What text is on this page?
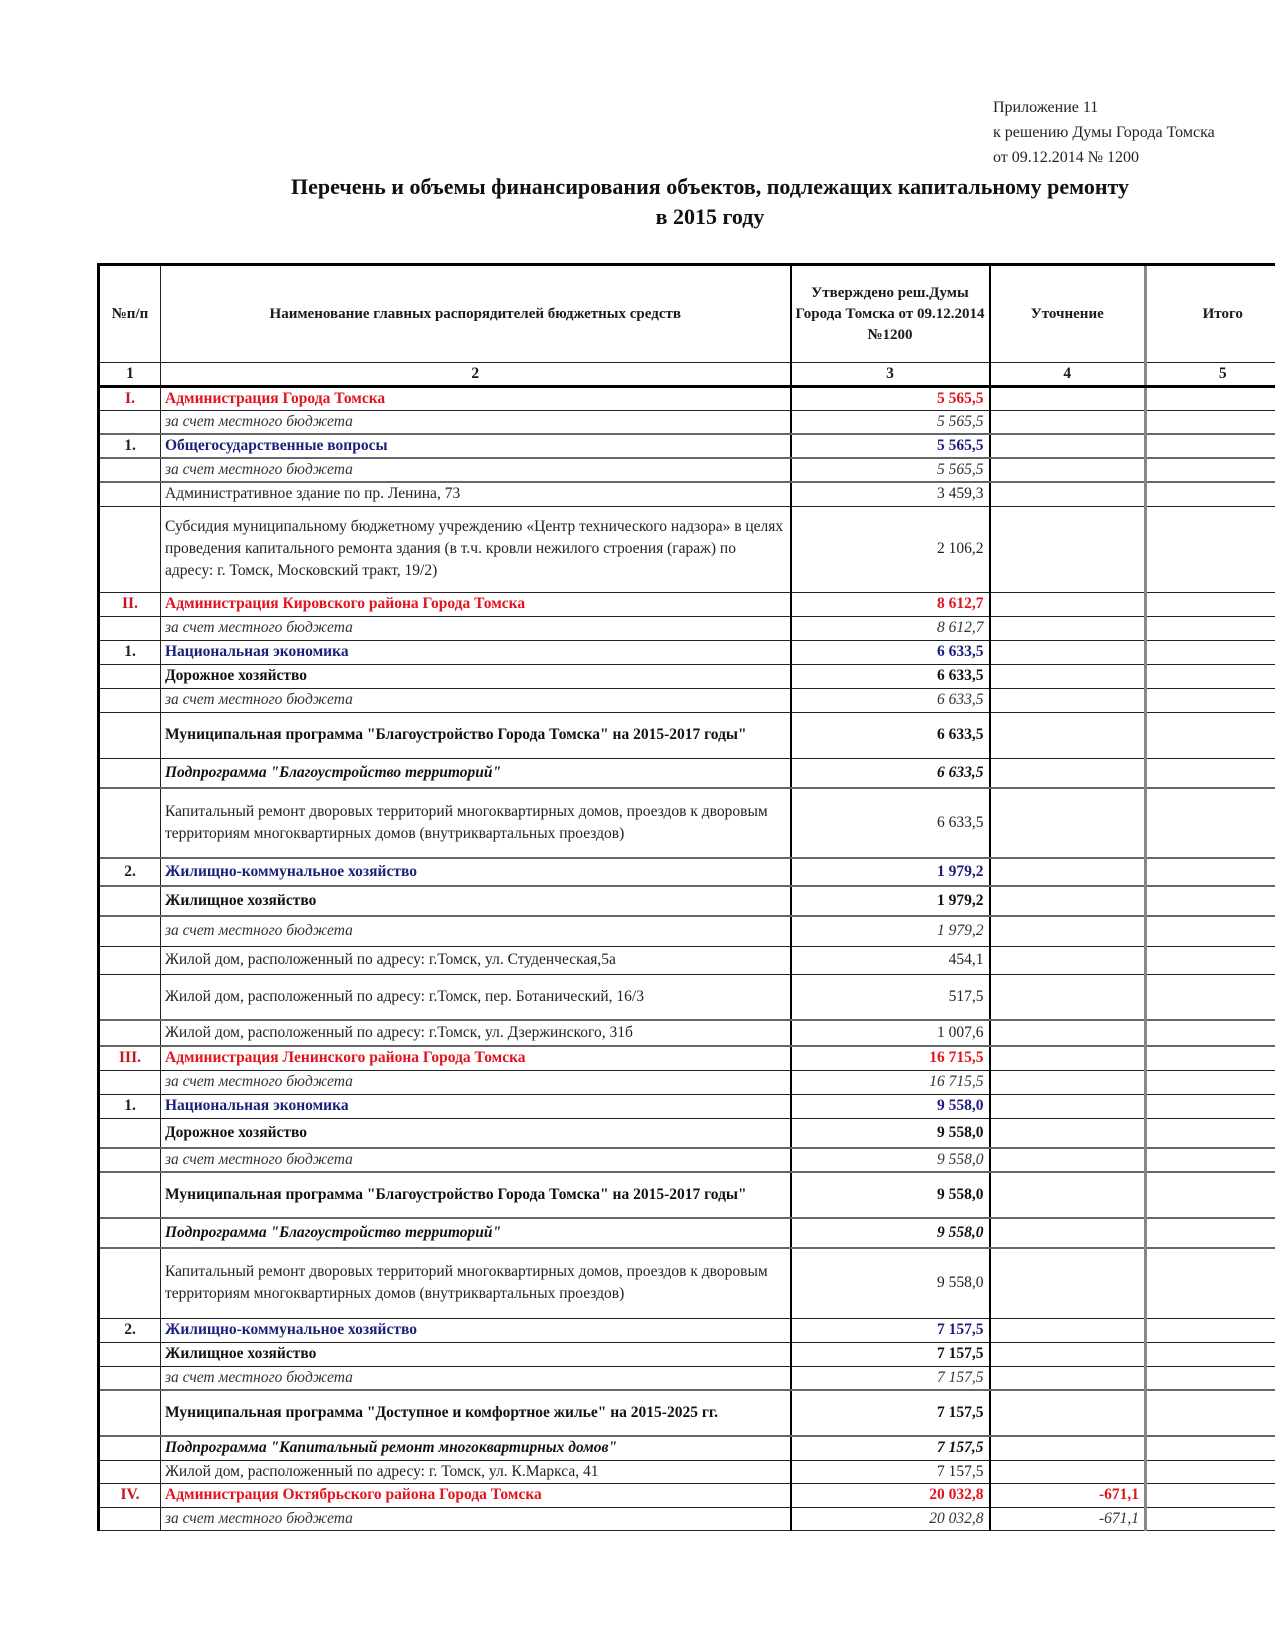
Приложение 11
к решению Думы Города Томска
от 09.12.2014 № 1200
Перечень и объемы финансирования объектов, подлежащих капитальному ремонту
в 2015 году
№п/п	Наименование главных распорядителей бюджетных средств	Утверждено реш.Думы Города Томска от 09.12.2014 №1200	Уточнение	Итого
1	2	3	4	5
I.	Администрация Города Томска	5 565,5		
	за счет местного бюджета	5 565,5		
1.	Общегосударственные вопросы	5 565,5		
	за счет местного бюджета	5 565,5		
	Административное здание по пр. Ленина, 73	3 459,3		
	Субсидия муниципальному бюджетному учреждению «Центр технического надзора» в целях проведения капитального ремонта здания (в т.ч. кровли нежилого строения (гараж) по адресу: г. Томск, Московский тракт, 19/2)	2 106,2		
II.	Администрация Кировского района Города Томска	8 612,7		
	за счет местного бюджета	8 612,7		
1.	Национальная экономика	6 633,5		
	Дорожное хозяйство	6 633,5		
	за счет местного бюджета	6 633,5		
	Муниципальная программа "Благоустройство Города Томска" на 2015-2017 годы"	6 633,5		
	Подпрограмма "Благоустройство территорий"	6 633,5		
	Капитальный ремонт дворовых территорий многоквартирных домов, проездов к дворовым территориям многоквартирных домов (внутриквартальных проездов)	6 633,5		
2.	Жилищно-коммунальное хозяйство	1 979,2		
	Жилищное хозяйство	1 979,2		
	за счет местного бюджета	1 979,2		
	Жилой дом, расположенный по адресу: г.Томск, ул. Студенческая,5а	454,1		
	Жилой дом, расположенный по адресу: г.Томск, пер. Ботанический, 16/3	517,5		
	Жилой дом, расположенный по адресу: г.Томск, ул. Дзержинского, 31б	1 007,6		
III.	Администрация Ленинского района Города Томска	16 715,5		
	за счет местного бюджета	16 715,5		
1.	Национальная экономика	9 558,0		
	Дорожное хозяйство	9 558,0		
	за счет местного бюджета	9 558,0		
	Муниципальная программа "Благоустройство Города Томска" на 2015-2017 годы"	9 558,0		
	Подпрограмма "Благоустройство территорий"	9 558,0		
	Капитальный ремонт дворовых территорий многоквартирных домов, проездов к дворовым территориям многоквартирных домов (внутриквартальных проездов)	9 558,0		
2.	Жилищно-коммунальное хозяйство	7 157,5		
	Жилищное хозяйство	7 157,5		
	за счет местного бюджета	7 157,5		
	Муниципальная программа "Доступное и комфортное жилье" на 2015-2025 гг.	7 157,5		
	Подпрограмма "Капитальный ремонт многоквартирных домов"	7 157,5		
	Жилой дом, расположенный по адресу: г. Томск, ул. К.Маркса, 41	7 157,5		
IV.	Администрация Октябрьского района Города Томска	20 032,8	-671,1	
	за счет местного бюджета	20 032,8	-671,1	
